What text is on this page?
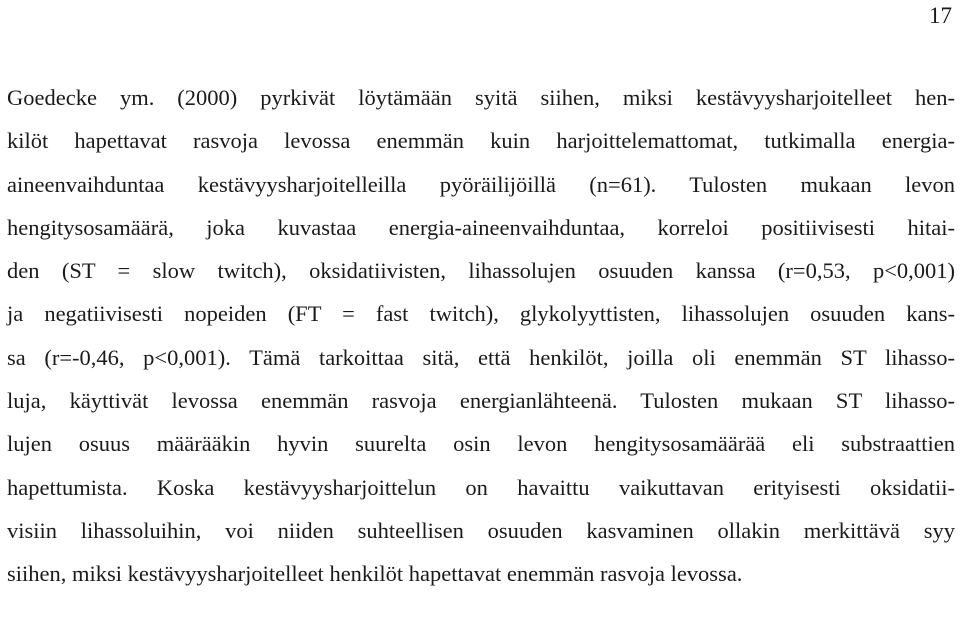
17
Goedecke ym. (2000) pyrkivät löytämään syitä siihen, miksi kestävyysharjoitelleet hen-
kilöt hapettavat rasvoja levossa enemmän kuin harjoittelemattomat, tutkimalla energia-
aineenvaihduntaa kestävyysharjoitelleilla pyöräilijöillä (n=61). Tulosten mukaan levon
hengitysosamäärä, joka kuvastaa energia-aineenvaihduntaa, korreloi positiivisesti hitai-
den (ST = slow twitch), oksidatiivisten, lihassolujen osuuden kanssa (r=0,53, p<0,001)
ja negatiivisesti nopeiden (FT = fast twitch), glykolyyttisten, lihassolujen osuuden kans-
sa (r=-0,46, p<0,001). Tämä tarkoittaa sitä, että henkilöt, joilla oli enemmän ST lihasso-
luja, käyttivät levossa enemmän rasvoja energianlähteenä. Tulosten mukaan ST lihasso-
lujen osuus määrääkin hyvin suurelta osin levon hengitysosamäärää eli substraattien
hapettumista. Koska kestävyysharjoittelun on havaittu vaikuttavan erityisesti oksidatii-
visiin lihassoluihin, voi niiden suhteellisen osuuden kasvaminen ollakin merkittävä syy
siihen, miksi kestävyysharjoitelleet henkilöt hapettavat enemmän rasvoja levossa.
